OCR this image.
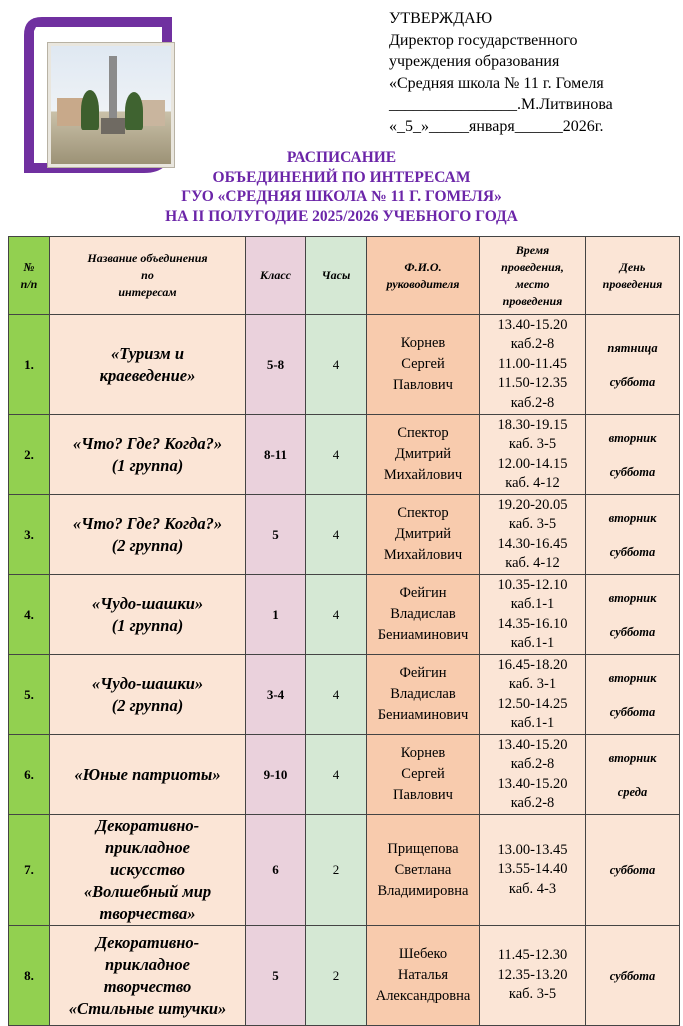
УТВЕРЖДАЮ
Директор государственного
учреждения образования
«Средняя школа № 11 г. Гомеля
________________.М.Литвинова
«_5_»_____января______2026г.
РАСПИСАНИЕ
ОБЪЕДИНЕНИЙ ПО ИНТЕРЕСАМ
ГУО «СРЕДНЯЯ ШКОЛА № 11 Г. ГОМЕЛЯ»
НА II ПОЛУГОДИЕ 2025/2026 УЧЕБНОГО ГОДА
№
п/п	Название объединения
по
интересам	Класс	Часы	Ф.И.О.
руководителя	Время
проведения,
место
проведения	День
проведения
1.	«Туризм и
краеведение»	5-8	4	Корнев
Сергей
Павлович	13.40-15.20
каб.2-8
11.00-11.45
11.50-12.35
каб.2-8	пятница
суббота
2.	«Что? Где? Когда?»
(1 группа)	8-11	4	Спектор
Дмитрий
Михайлович	18.30-19.15
каб. 3-5
12.00-14.15
каб. 4-12	вторник
суббота
3.	«Что? Где? Когда?»
(2 группа)	5	4	Спектор
Дмитрий
Михайлович	19.20-20.05
каб. 3-5
14.30-16.45
каб. 4-12	вторник
суббота
4.	«Чудо-шашки»
(1 группа)	1	4	Фейгин
Владислав
Бениаминович	10.35-12.10
каб.1-1
14.35-16.10
каб.1-1	вторник
суббота
5.	«Чудо-шашки»
(2 группа)	3-4	4	Фейгин
Владислав
Бениаминович	16.45-18.20
каб. 3-1
12.50-14.25
каб.1-1	вторник
суббота
6.	«Юные патриоты»	9-10	4	Корнев
Сергей
Павлович	13.40-15.20
каб.2-8
13.40-15.20
каб.2-8	вторник
среда
7.	Декоративно-
прикладное
искусство
«Волшебный мир
творчества»	6	2	Прищепова
Светлана
Владимировна	13.00-13.45
13.55-14.40
каб. 4-3	суббота
8.	Декоративно-
прикладное
творчество
«Стильные штучки»	5	2	Шебеко
Наталья
Александровна	11.45-12.30
12.35-13.20
каб. 3-5	суббота
